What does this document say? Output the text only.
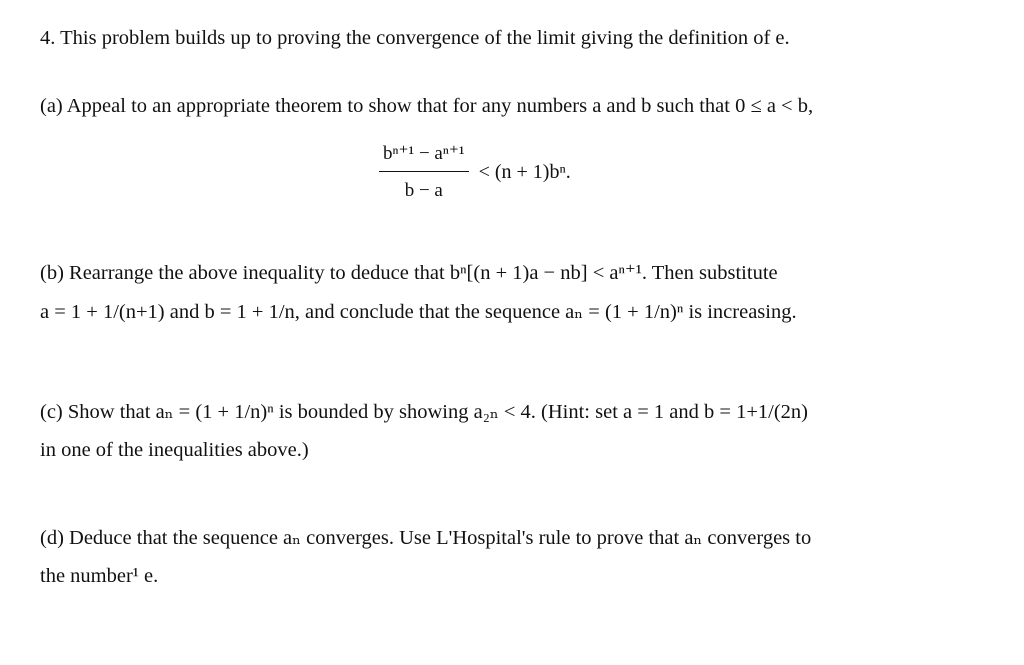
4. This problem builds up to proving the convergence of the limit giving the definition of e.
(a) Appeal to an appropriate theorem to show that for any numbers a and b such that 0 ≤ a < b,
$\frac{\text{bⁿ⁺¹ − aⁿ⁺¹}}{b - a} < (n + 1)b^n$.
(b) Rearrange the above inequality to deduce that bⁿ[(n + 1)a − nb] < aⁿ⁺¹. Then substitute
a = 1 + 1/(n+1) and b = 1 + 1/n, and conclude that the sequence aₙ = (1 + 1/n)ⁿ is increasing.
(c) Show that aₙ = (1 + 1/n)ⁿ is bounded by showing a₂ₙ < 4. (Hint: set a = 1 and b = 1+1/(2n)
in one of the inequalities above.)
(d) Deduce that the sequence aₙ converges. Use L'Hospital's rule to prove that aₙ converges to
the number¹ e.
